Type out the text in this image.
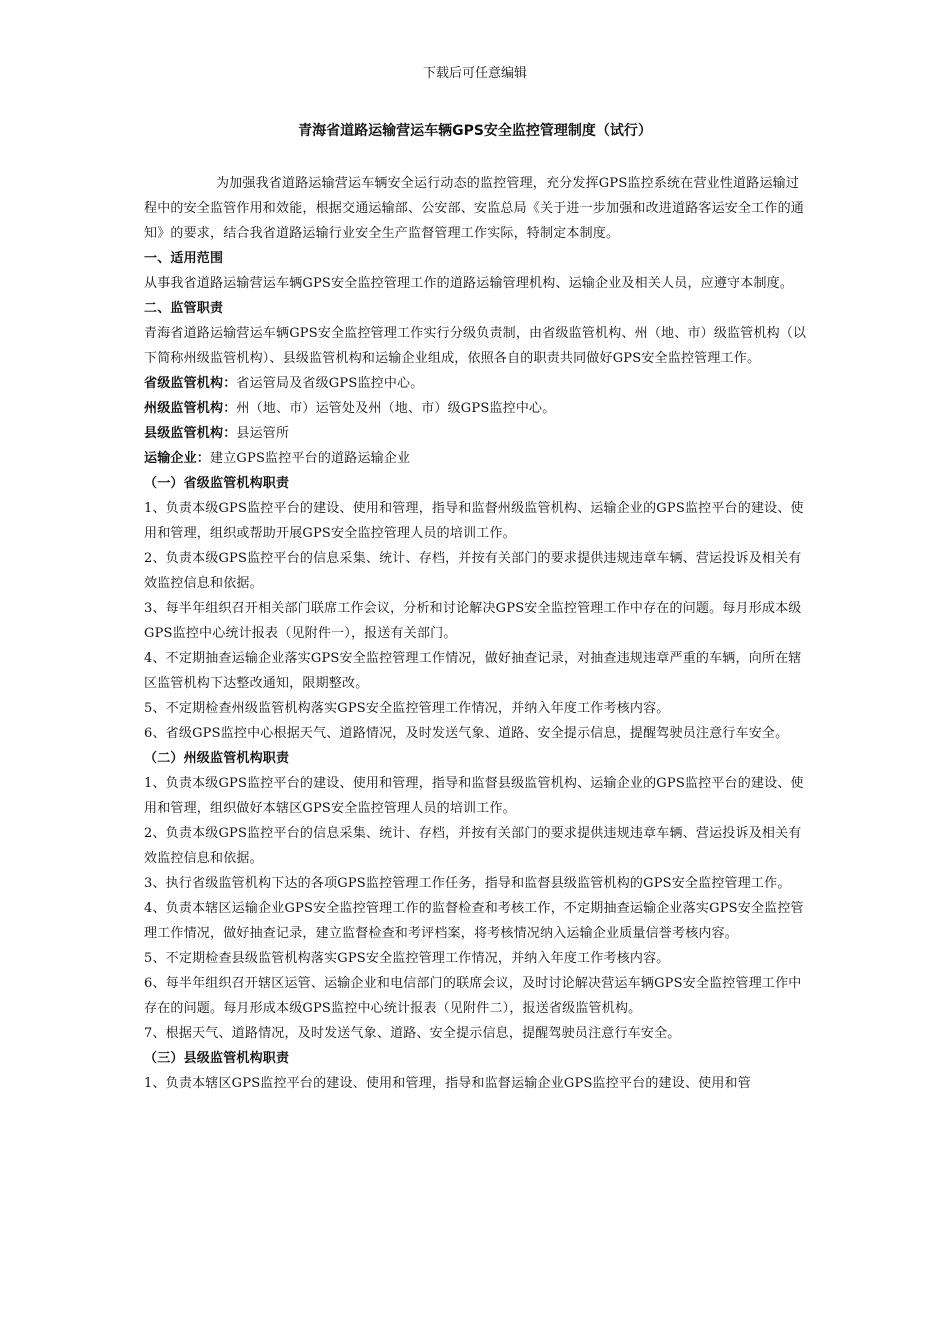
下载后可任意编辑
青海省道路运输营运车辆GPS安全监控管理制度（试行）

为加强我省道路运输营运车辆安全运行动态的监控管理，充分发挥GPS监控系统在营业性道路运输过程中的安全监管作用和效能，根据交通运输部、公安部、安监总局《关于进一步加强和改进道路客运安全工作的通知》的要求，结合我省道路运输行业安全生产监督管理工作实际，特制定本制度。

一、适用范围

从事我省道路运输营运车辆GPS安全监控管理工作的道路运输管理机构、运输企业及相关人员，应遵守本制度。

二、监管职责

青海省道路运输营运车辆GPS安全监控管理工作实行分级负责制，由省级监管机构、州（地、市）级监管机构（以下简称州级监管机构）、县级监管机构和运输企业组成，依照各自的职责共同做好GPS安全监控管理工作。

省级监管机构：省运管局及省级GPS监控中心。

州级监管机构：州（地、市）运管处及州（地、市）级GPS监控中心。

县级监管机构：县运管所

运输企业：建立GPS监控平台的道路运输企业

（一）省级监管机构职责

1、负责本级GPS监控平台的建设、使用和管理，指导和监督州级监管机构、运输企业的GPS监控平台的建设、使用和管理，组织或帮助开展GPS安全监控管理人员的培训工作。

2、负责本级GPS监控平台的信息采集、统计、存档，并按有关部门的要求提供违规违章车辆、营运投诉及相关有效监控信息和依据。

3、每半年组织召开相关部门联席工作会议，分析和讨论解决GPS安全监控管理工作中存在的问题。每月形成本级GPS监控中心统计报表（见附件一），报送有关部门。

4、不定期抽查运输企业落实GPS安全监控管理工作情况，做好抽查记录，对抽查违规违章严重的车辆，向所在辖区监管机构下达整改通知，限期整改。

5、不定期检查州级监管机构落实GPS安全监控管理工作情况，并纳入年度工作考核内容。

6、省级GPS监控中心根据天气、道路情况，及时发送气象、道路、安全提示信息，提醒驾驶员注意行车安全。

（二）州级监管机构职责

1、负责本级GPS监控平台的建设、使用和管理，指导和监督县级监管机构、运输企业的GPS监控平台的建设、使用和管理，组织做好本辖区GPS安全监控管理人员的培训工作。

2、负责本级GPS监控平台的信息采集、统计、存档，并按有关部门的要求提供违规违章车辆、营运投诉及相关有效监控信息和依据。

3、执行省级监管机构下达的各项GPS监控管理工作任务，指导和监督县级监管机构的GPS安全监控管理工作。

4、负责本辖区运输企业GPS安全监控管理工作的监督检查和考核工作，不定期抽查运输企业落实GPS安全监控管理工作情况，做好抽查记录，建立监督检查和考评档案，将考核情况纳入运输企业质量信誉考核内容。

5、不定期检查县级监管机构落实GPS安全监控管理工作情况，并纳入年度工作考核内容。

6、每半年组织召开辖区运管、运输企业和电信部门的联席会议，及时讨论解决营运车辆GPS安全监控管理工作中存在的问题。每月形成本级GPS监控中心统计报表（见附件二），报送省级监管机构。

7、根据天气、道路情况，及时发送气象、道路、安全提示信息，提醒驾驶员注意行车安全。

（三）县级监管机构职责

1、负责本辖区GPS监控平台的建设、使用和管理，指导和监督运输企业GPS监控平台的建设、使用和管
